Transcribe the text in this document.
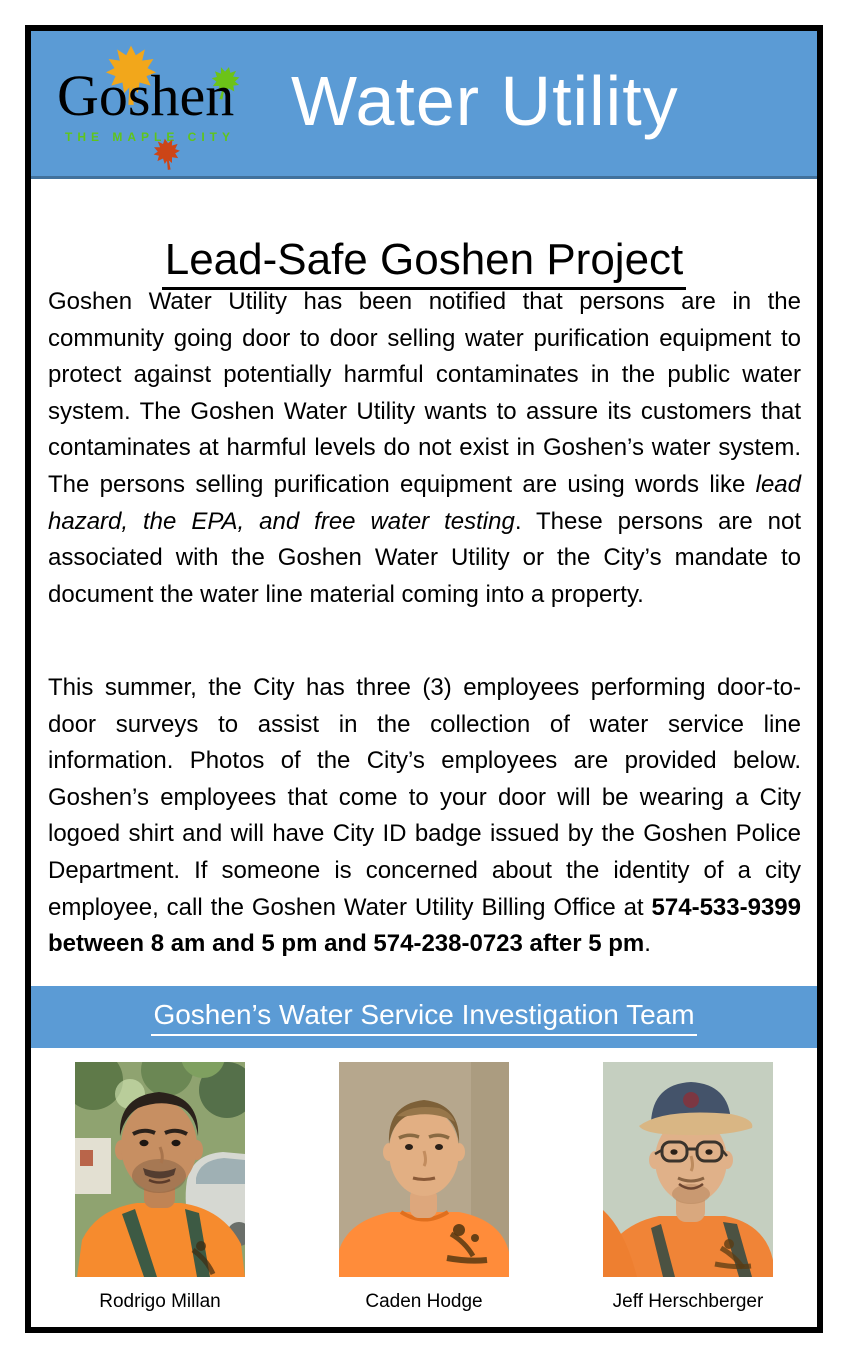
Goshen
THE MAPLE CITY Water Utility
Lead-Safe Goshen Project

Goshen Water Utility has been notified that persons are in the community going door to door selling water purification equipment to protect against potentially harmful contaminates in the public water system. The Goshen Water Utility wants to assure its customers that contaminates at harmful levels do not exist in Goshen’s water system. The persons selling purification equipment are using words like lead hazard, the EPA, and free water testing. These persons are not associated with the Goshen Water Utility or the City’s mandate to document the water line material coming into a property.

This summer, the City has three (3) employees performing door-to-door surveys to assist in the collection of water service line information. Photos of the City’s employees are provided below. Goshen’s employees that come to your door will be wearing a City logoed shirt and will have City ID badge issued by the Goshen Police Department. If someone is concerned about the identity of a city employee, call the Goshen Water Utility Billing Office at 574-533-9399 between 8 am and 5 pm and 574-238-0723 after 5 pm.

Goshen’s Water Service Investigation Team
Rodrigo Millan	Caden Hodge	Jeff Herschberger
